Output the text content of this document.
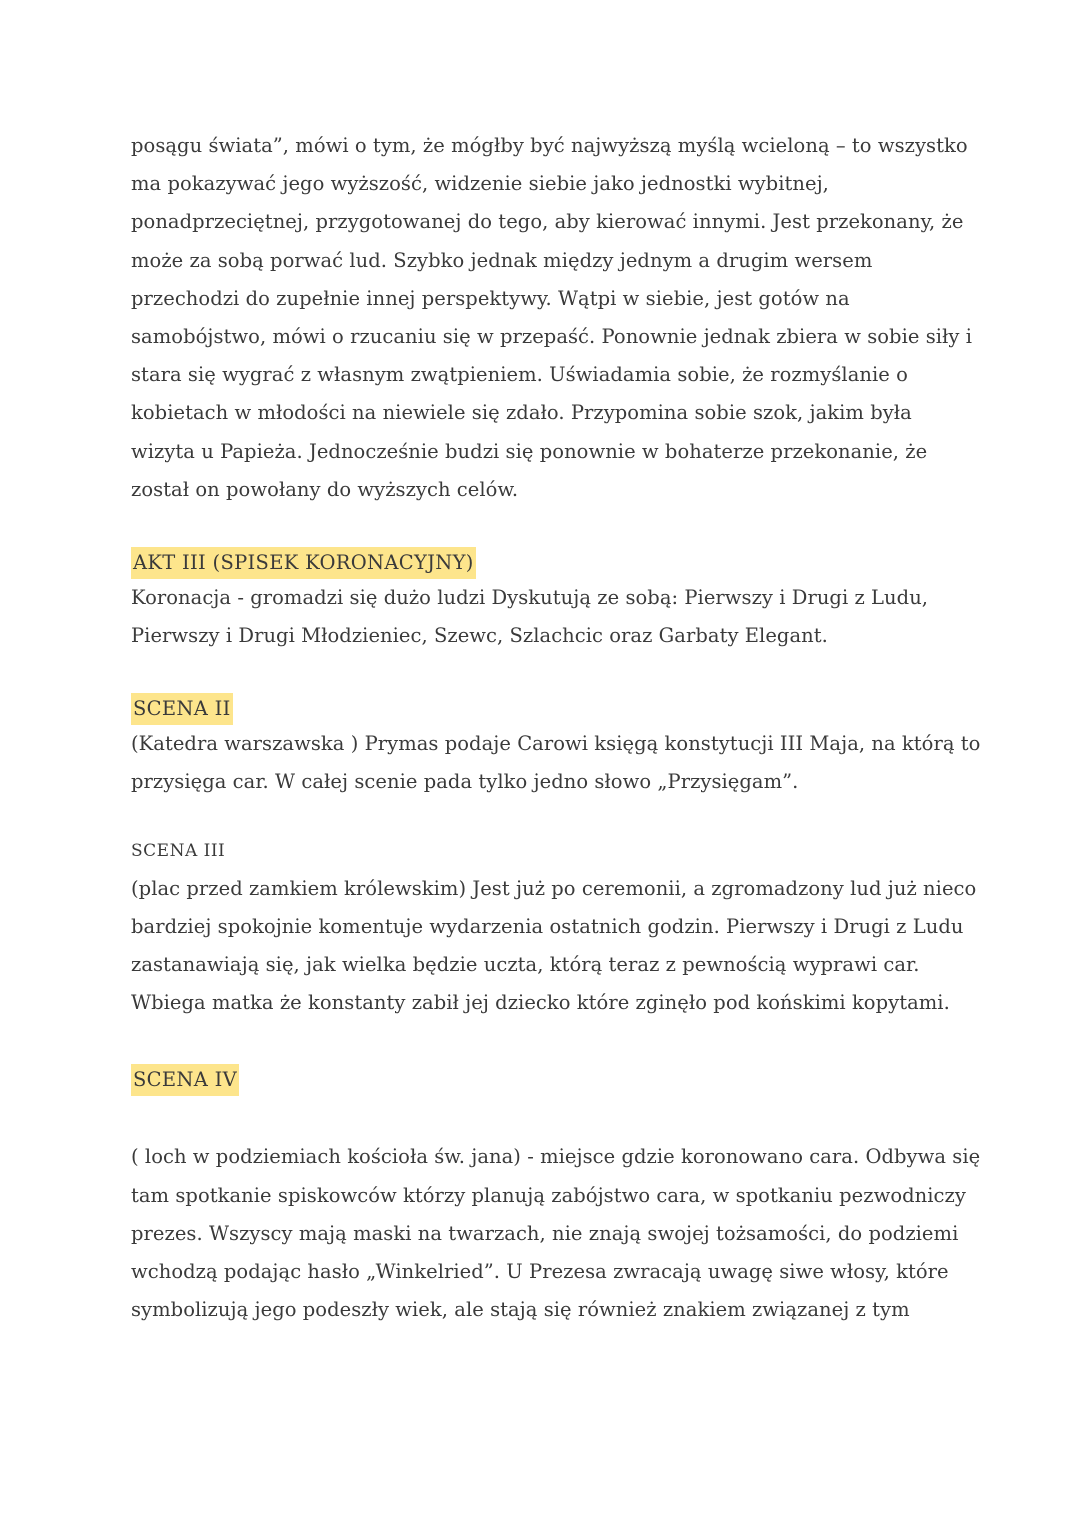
posągu świata”, mówi o tym, że mógłby być najwyższą myślą wcieloną – to wszystko
ma pokazywać jego wyższość, widzenie siebie jako jednostki wybitnej,
ponadprzeciętnej, przygotowanej do tego, aby kierować innymi. Jest przekonany, że
może za sobą porwać lud. Szybko jednak między jednym a drugim wersem
przechodzi do zupełnie innej perspektywy. Wątpi w siebie, jest gotów na
samobójstwo, mówi o rzucaniu się w przepaść. Ponownie jednak zbiera w sobie siły i
stara się wygrać z własnym zwątpieniem. Uświadamia sobie, że rozmyślanie o
kobietach w młodości na niewiele się zdało. Przypomina sobie szok, jakim była
wizyta u Papieża. Jednocześnie budzi się ponownie w bohaterze przekonanie, że
został on powołany do wyższych celów.
AKT III (SPISEK KORONACYJNY)
Koronacja - gromadzi się dużo ludzi Dyskutują ze sobą: Pierwszy i Drugi z Ludu,
Pierwszy i Drugi Młodzieniec, Szewc, Szlachcic oraz Garbaty Elegant.
SCENA II
(Katedra warszawska ) Prymas podaje Carowi księgą konstytucji III Maja, na którą to
przysięga car. W całej scenie pada tylko jedno słowo „Przysięgam”.
SCENA III
(plac przed zamkiem królewskim) Jest już po ceremonii, a zgromadzony lud już nieco
bardziej spokojnie komentuje wydarzenia ostatnich godzin. Pierwszy i Drugi z Ludu
zastanawiają się, jak wielka będzie uczta, którą teraz z pewnością wyprawi car.
Wbiega matka że konstanty zabił jej dziecko które zginęło pod końskimi kopytami.
SCENA IV
( loch w podziemiach kościoła św. jana) - miejsce gdzie koronowano cara. Odbywa się
tam spotkanie spiskowców którzy planują zabójstwo cara, w spotkaniu pezwodniczy
prezes. Wszyscy mają maski na twarzach, nie znają swojej tożsamości, do podziemi
wchodzą podając hasło „Winkelried”. U Prezesa zwracają uwagę siwe włosy, które
symbolizują jego podeszły wiek, ale stają się również znakiem związanej z tym
